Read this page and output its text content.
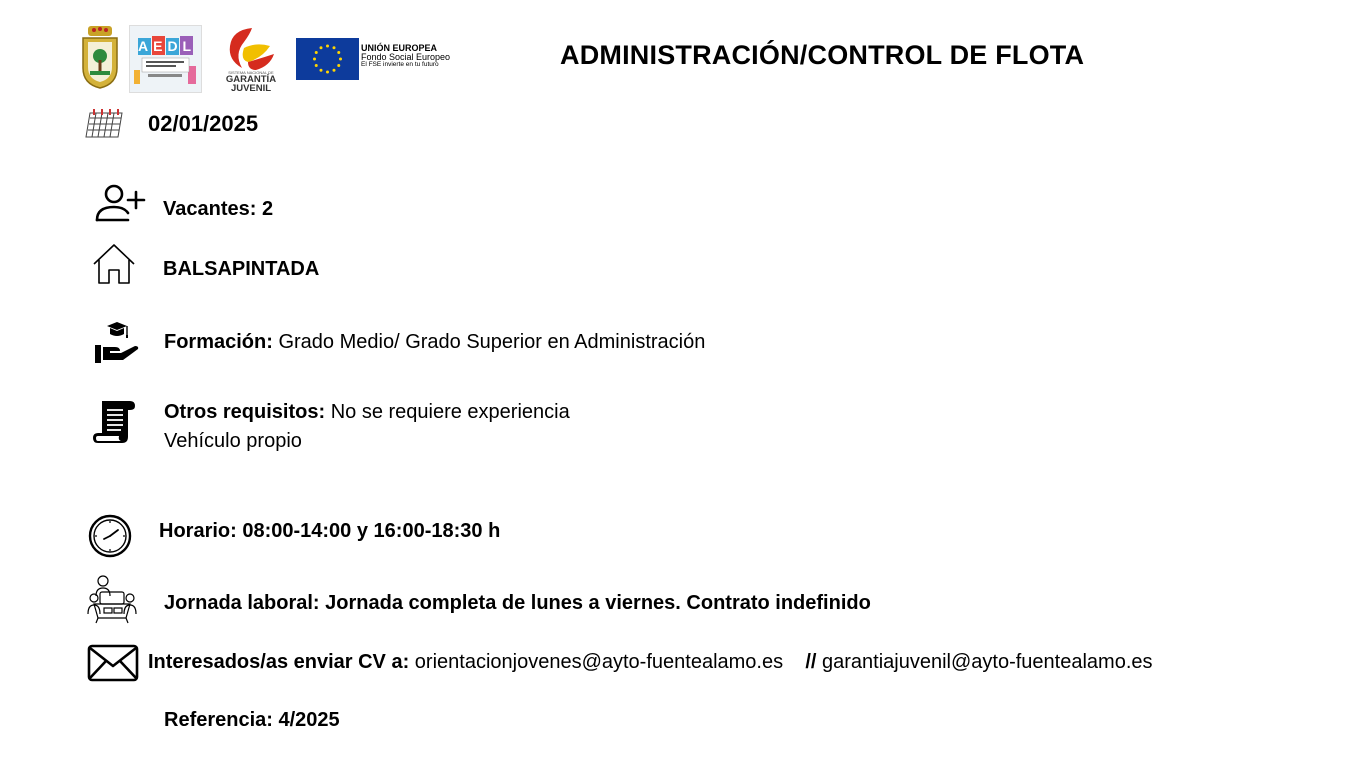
AEDL
SISTEMA NACIONAL DE
GARANTÍA
JUVENIL
UNIÓN EUROPEA
Fondo Social Europeo
El FSE invierte en tu futuro	ADMINISTRACIÓN/CONTROL DE FLOTA
02/01/2025
Vacantes: 2
BALSAPINTADA
Formación: Grado Medio/ Grado Superior en Administración
Otros requisitos: No se requiere experiencia
Vehículo propio
Horario: 08:00-14:00 y 16:00-18:30 h
Jornada laboral: Jornada completa de lunes a viernes. Contrato indefinido
Interesados/as enviar CV a: orientacionjovenes@ayto-fuentealamo.es    // garantiajuvenil@ayto-fuentealamo.es
Referencia: 4/2025
